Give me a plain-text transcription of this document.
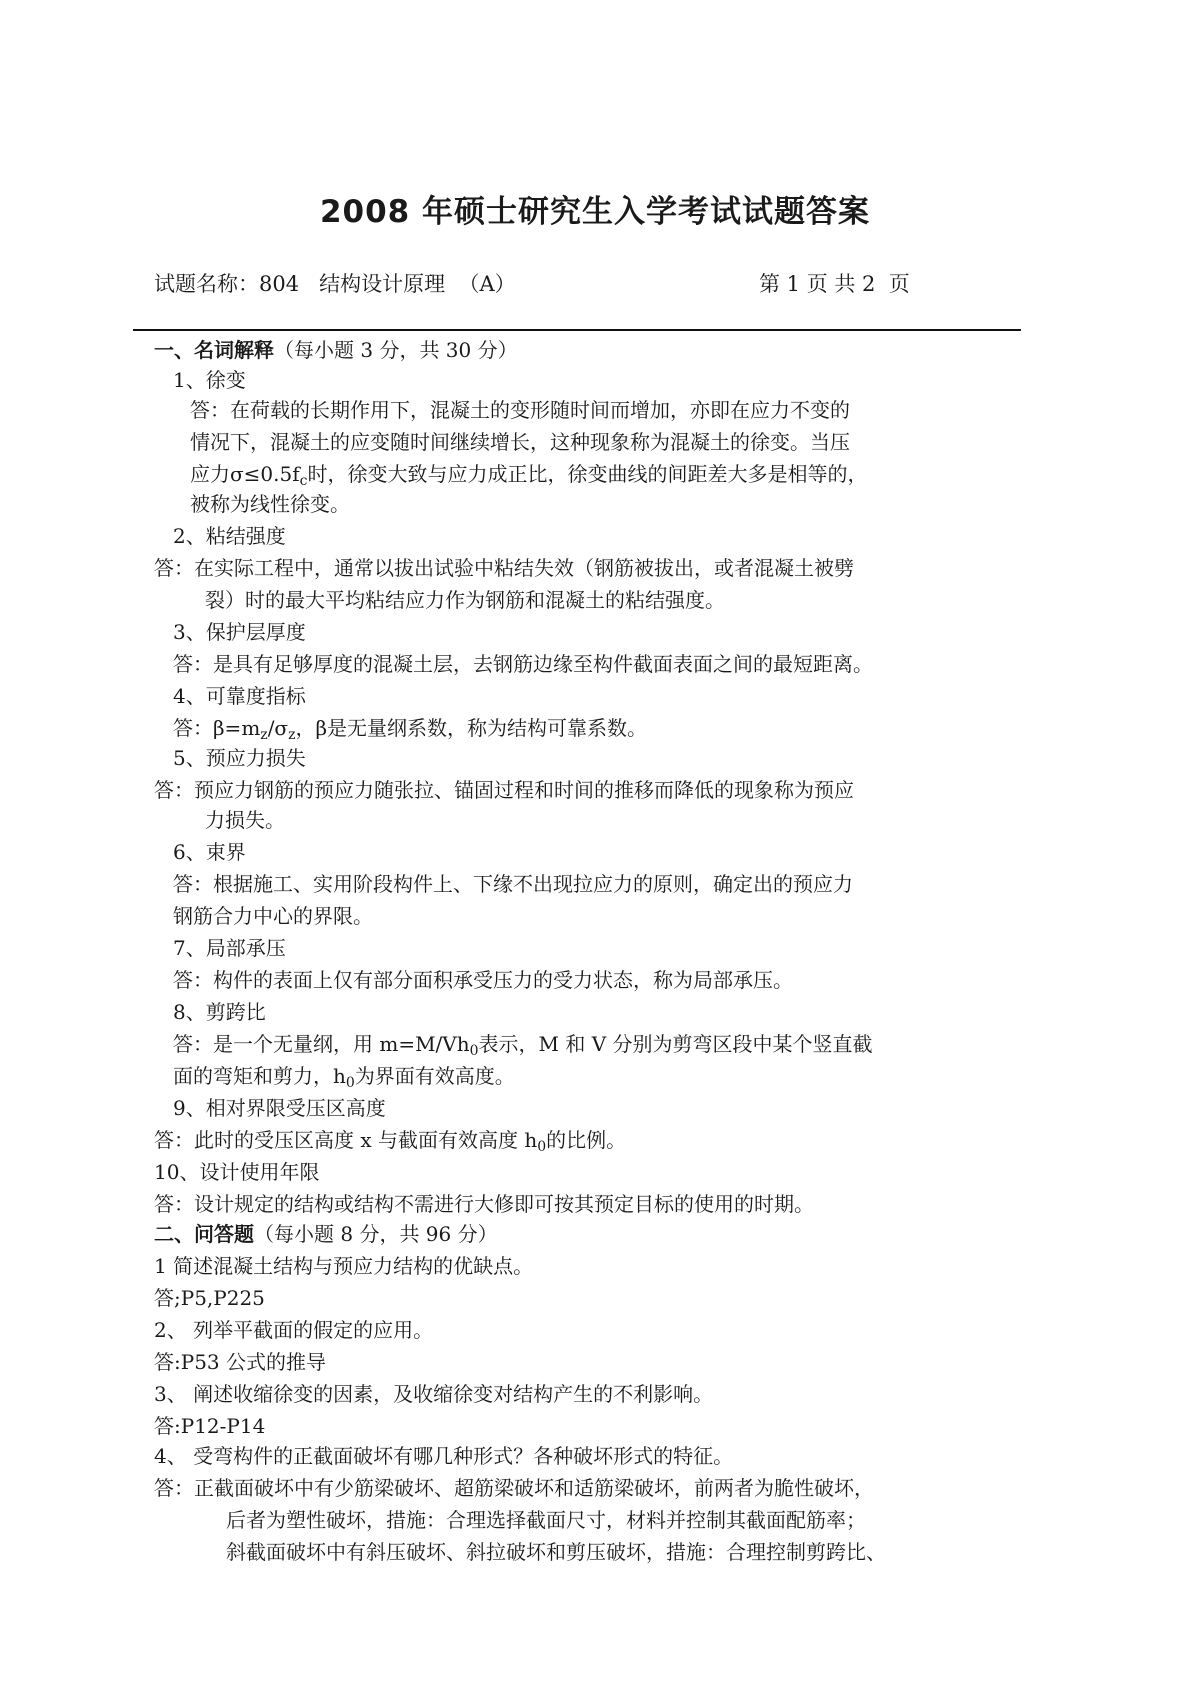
2008 年硕士研究生入学考试试题答案
试题名称：804   结构设计原理  （A）	第 1 页 共 2  页
一、名词解释（每小题 3 分，共 30 分）
1、徐变
答：在荷载的长期作用下，混凝土的变形随时间而增加，亦即在应力不变的
情况下，混凝土的应变随时间继续增长，这种现象称为混凝土的徐变。当压
应力$\sigma\le 0.5f_c$时，徐变大致与应力成正比，徐变曲线的间距差大多是相等的，
被称为线性徐变。
2、粘结强度
答：在实际工程中，通常以拔出试验中粘结失效（钢筋被拔出，或者混凝土被劈
裂）时的最大平均粘结应力作为钢筋和混凝土的粘结强度。
3、保护层厚度
答：是具有足够厚度的混凝土层，去钢筋边缘至构件截面表面之间的最短距离。
4、可靠度指标
答：$\beta=m_z/\sigma_z$，β是无量纲系数，称为结构可靠系数。
5、预应力损失
答：预应力钢筋的预应力随张拉、锚固过程和时间的推移而降低的现象称为预应
力损失。
6、束界
答：根据施工、实用阶段构件上、下缘不出现拉应力的原则，确定出的预应力
钢筋合力中心的界限。
7、局部承压
答：构件的表面上仅有部分面积承受压力的受力状态，称为局部承压。
8、剪跨比
答：是一个无量纲，用 $m=M/Vh_0$表示，M 和 V 分别为剪弯区段中某个竖直截
面的弯矩和剪力，$h_0$为界面有效高度。
9、相对界限受压区高度
答：此时的受压区高度 x 与截面有效高度 $h_0$的比例。
10、设计使用年限
答：设计规定的结构或结构不需进行大修即可按其预定目标的使用的时期。
二、问答题（每小题 8 分，共 96 分）
1 简述混凝土结构与预应力结构的优缺点。
答;P5,P225
2、 列举平截面的假定的应用。
答:P53 公式的推导
3、 阐述收缩徐变的因素，及收缩徐变对结构产生的不利影响。
答:P12-P14
4、 受弯构件的正截面破坏有哪几种形式？各种破坏形式的特征。
答：正截面破坏中有少筋梁破坏、超筋梁破坏和适筋梁破坏，前两者为脆性破坏，
后者为塑性破坏，措施：合理选择截面尺寸，材料并控制其截面配筋率；
斜截面破坏中有斜压破坏、斜拉破坏和剪压破坏，措施：合理控制剪跨比、
